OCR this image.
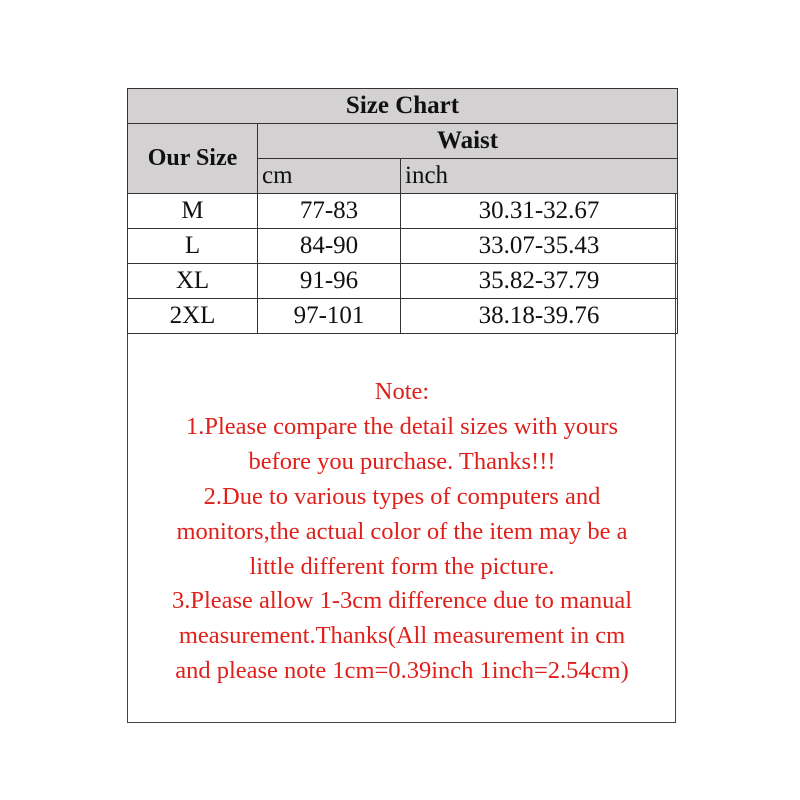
Size Chart		
Our Size	Waist	
	cm	inch
M	77-83	30.31-32.67
L	84-90	33.07-35.43
XL	91-96	35.82-37.79
2XL	97-101	38.18-39.76
Note:
1.Please compare the detail sizes with yours
before you purchase. Thanks!!!
2.Due to various types of computers and
monitors,the actual color of the item may be a
little different form the picture.
3.Please allow 1-3cm difference due to manual
measurement.Thanks(All measurement in cm
and please note 1cm=0.39inch 1inch=2.54cm)
